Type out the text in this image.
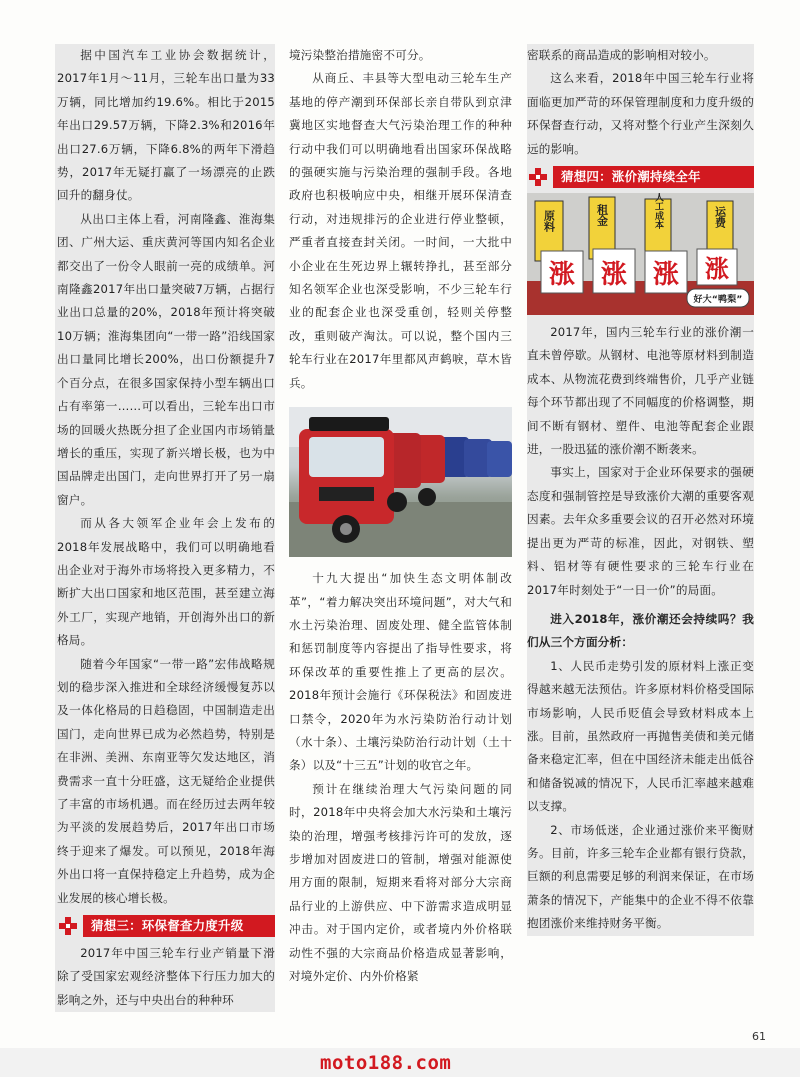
据中国汽车工业协会数据统计，2017年1月～11月，三轮车出口量为33万辆，同比增加约19.6%。相比于2015年出口29.57万辆，下降2.3%和2016年出口27.6万辆，下降6.8%的两年下滑趋势，2017年无疑打赢了一场漂亮的止跌回升的翻身仗。

从出口主体上看，河南隆鑫、淮海集团、广州大运、重庆黄河等国内知名企业都交出了一份令人眼前一亮的成绩单。河南隆鑫2017年出口量突破7万辆，占据行业出口总量的20%，2018年预计将突破10万辆；淮海集团向“一带一路”沿线国家出口量同比增长200%，出口份额提升7个百分点，在很多国家保持小型车辆出口占有率第一……可以看出，三轮车出口市场的回暖火热既分担了企业国内市场销量增长的重压，实现了新兴增长极，也为中国品牌走出国门，走向世界打开了另一扇窗户。

而从各大领军企业年会上发布的2018年发展战略中，我们可以明确地看出企业对于海外市场将投入更多精力，不断扩大出口国家和地区范围，甚至建立海外工厂，实现产地销，开创海外出口的新格局。

随着今年国家“一带一路”宏伟战略规划的稳步深入推进和全球经济缓慢复苏以及一体化格局的日趋稳固，中国制造走出国门，走向世界已成为必然趋势，特别是在非洲、美洲、东南亚等欠发达地区，消费需求一直十分旺盛，这无疑给企业提供了丰富的市场机遇。而在经历过去两年较为平淡的发展趋势后，2017年出口市场终于迎来了爆发。可以预见，2018年海外出口将一直保持稳定上升趋势，成为企业发展的核心增长极。

猜想三：环保督查力度升级

2017年中国三轮车行业产销量下滑除了受国家宏观经济整体下行压力加大的影响之外，还与中央出台的种种环

境污染整治措施密不可分。

从商丘、丰县等大型电动三轮车生产基地的停产潮到环保部长亲自带队到京津冀地区实地督查大气污染治理工作的种种行动中我们可以明确地看出国家环保战略的强硬实施与污染治理的强制手段。各地政府也积极响应中央，相继开展环保清查行动，对违规排污的企业进行停业整顿，严重者直接查封关闭。一时间，一大批中小企业在生死边界上辗转挣扎，甚至部分知名领军企业也深受影响，不少三轮车行业的配套企业也深受重创，轻则关停整改，重则破产淘汰。可以说，整个国内三轮车行业在2017年里都风声鹤唳，草木皆兵。

十九大提出“加快生态文明体制改革”，“着力解决突出环境问题”，对大气和水土污染治理、固废处理、健全监管体制和惩罚制度等内容提出了指导性要求，将环保改革的重要性推上了更高的层次。2018年预计会施行《环保税法》和固废进口禁令，2020年为水污染防治行动计划（水十条）、土壤污染防治行动计划（土十条）以及“十三五”计划的收官之年。

预计在继续治理大气污染问题的同时，2018年中央将会加大水污染和土壤污染的治理，增强考核排污许可的发放，逐步增加对固废进口的管制，增强对能源使用方面的限制，短期来看将对部分大宗商品行业的上游供应、中下游需求造成明显冲击。对于国内定价，或者境内外价格联动性不强的大宗商品价格造成显著影响，对境外定价、内外价格紧

密联系的商品造成的影响相对较小。

这么来看，2018年中国三轮车行业将面临更加严苛的环保管理制度和力度升级的环保督查行动，又将对整个行业产生深刻久远的影响。

猜想四：涨价潮持续全年
原料	租金	人工成本	运费
涨 涨 涨 涨
好大“鸭梨”

2017年，国内三轮车行业的涨价潮一直未曾停歇。从钢材、电池等原材料到制造成本、从物流花费到终端售价，几乎产业链每个环节都出现了不同幅度的价格调整，期间不断有钢材、塑件、电池等配套企业跟进，一股迅猛的涨价潮不断袭来。

事实上，国家对于企业环保要求的强硬态度和强制管控是导致涨价大潮的重要客观因素。去年众多重要会议的召开必然对环境提出更为严苛的标准，因此，对钢铁、塑料、铝材等有硬性要求的三轮车行业在2017年时刻处于“一日一价”的局面。

进入2018年，涨价潮还会持续吗？我们从三个方面分析：

1、人民币走势引发的原材料上涨正变得越来越无法预估。许多原材料价格受国际市场影响，人民币贬值会导致材料成本上涨。目前，虽然政府一再抛售美债和美元储备来稳定汇率，但在中国经济未能走出低谷和储备锐减的情况下，人民币汇率越来越难以支撑。

2、市场低迷，企业通过涨价来平衡财务。目前，许多三轮车企业都有银行贷款，巨额的利息需要足够的利润来保证，在市场萧条的情况下，产能集中的企业不得不依靠抱团涨价来维持财务平衡。

61
moto188.com
